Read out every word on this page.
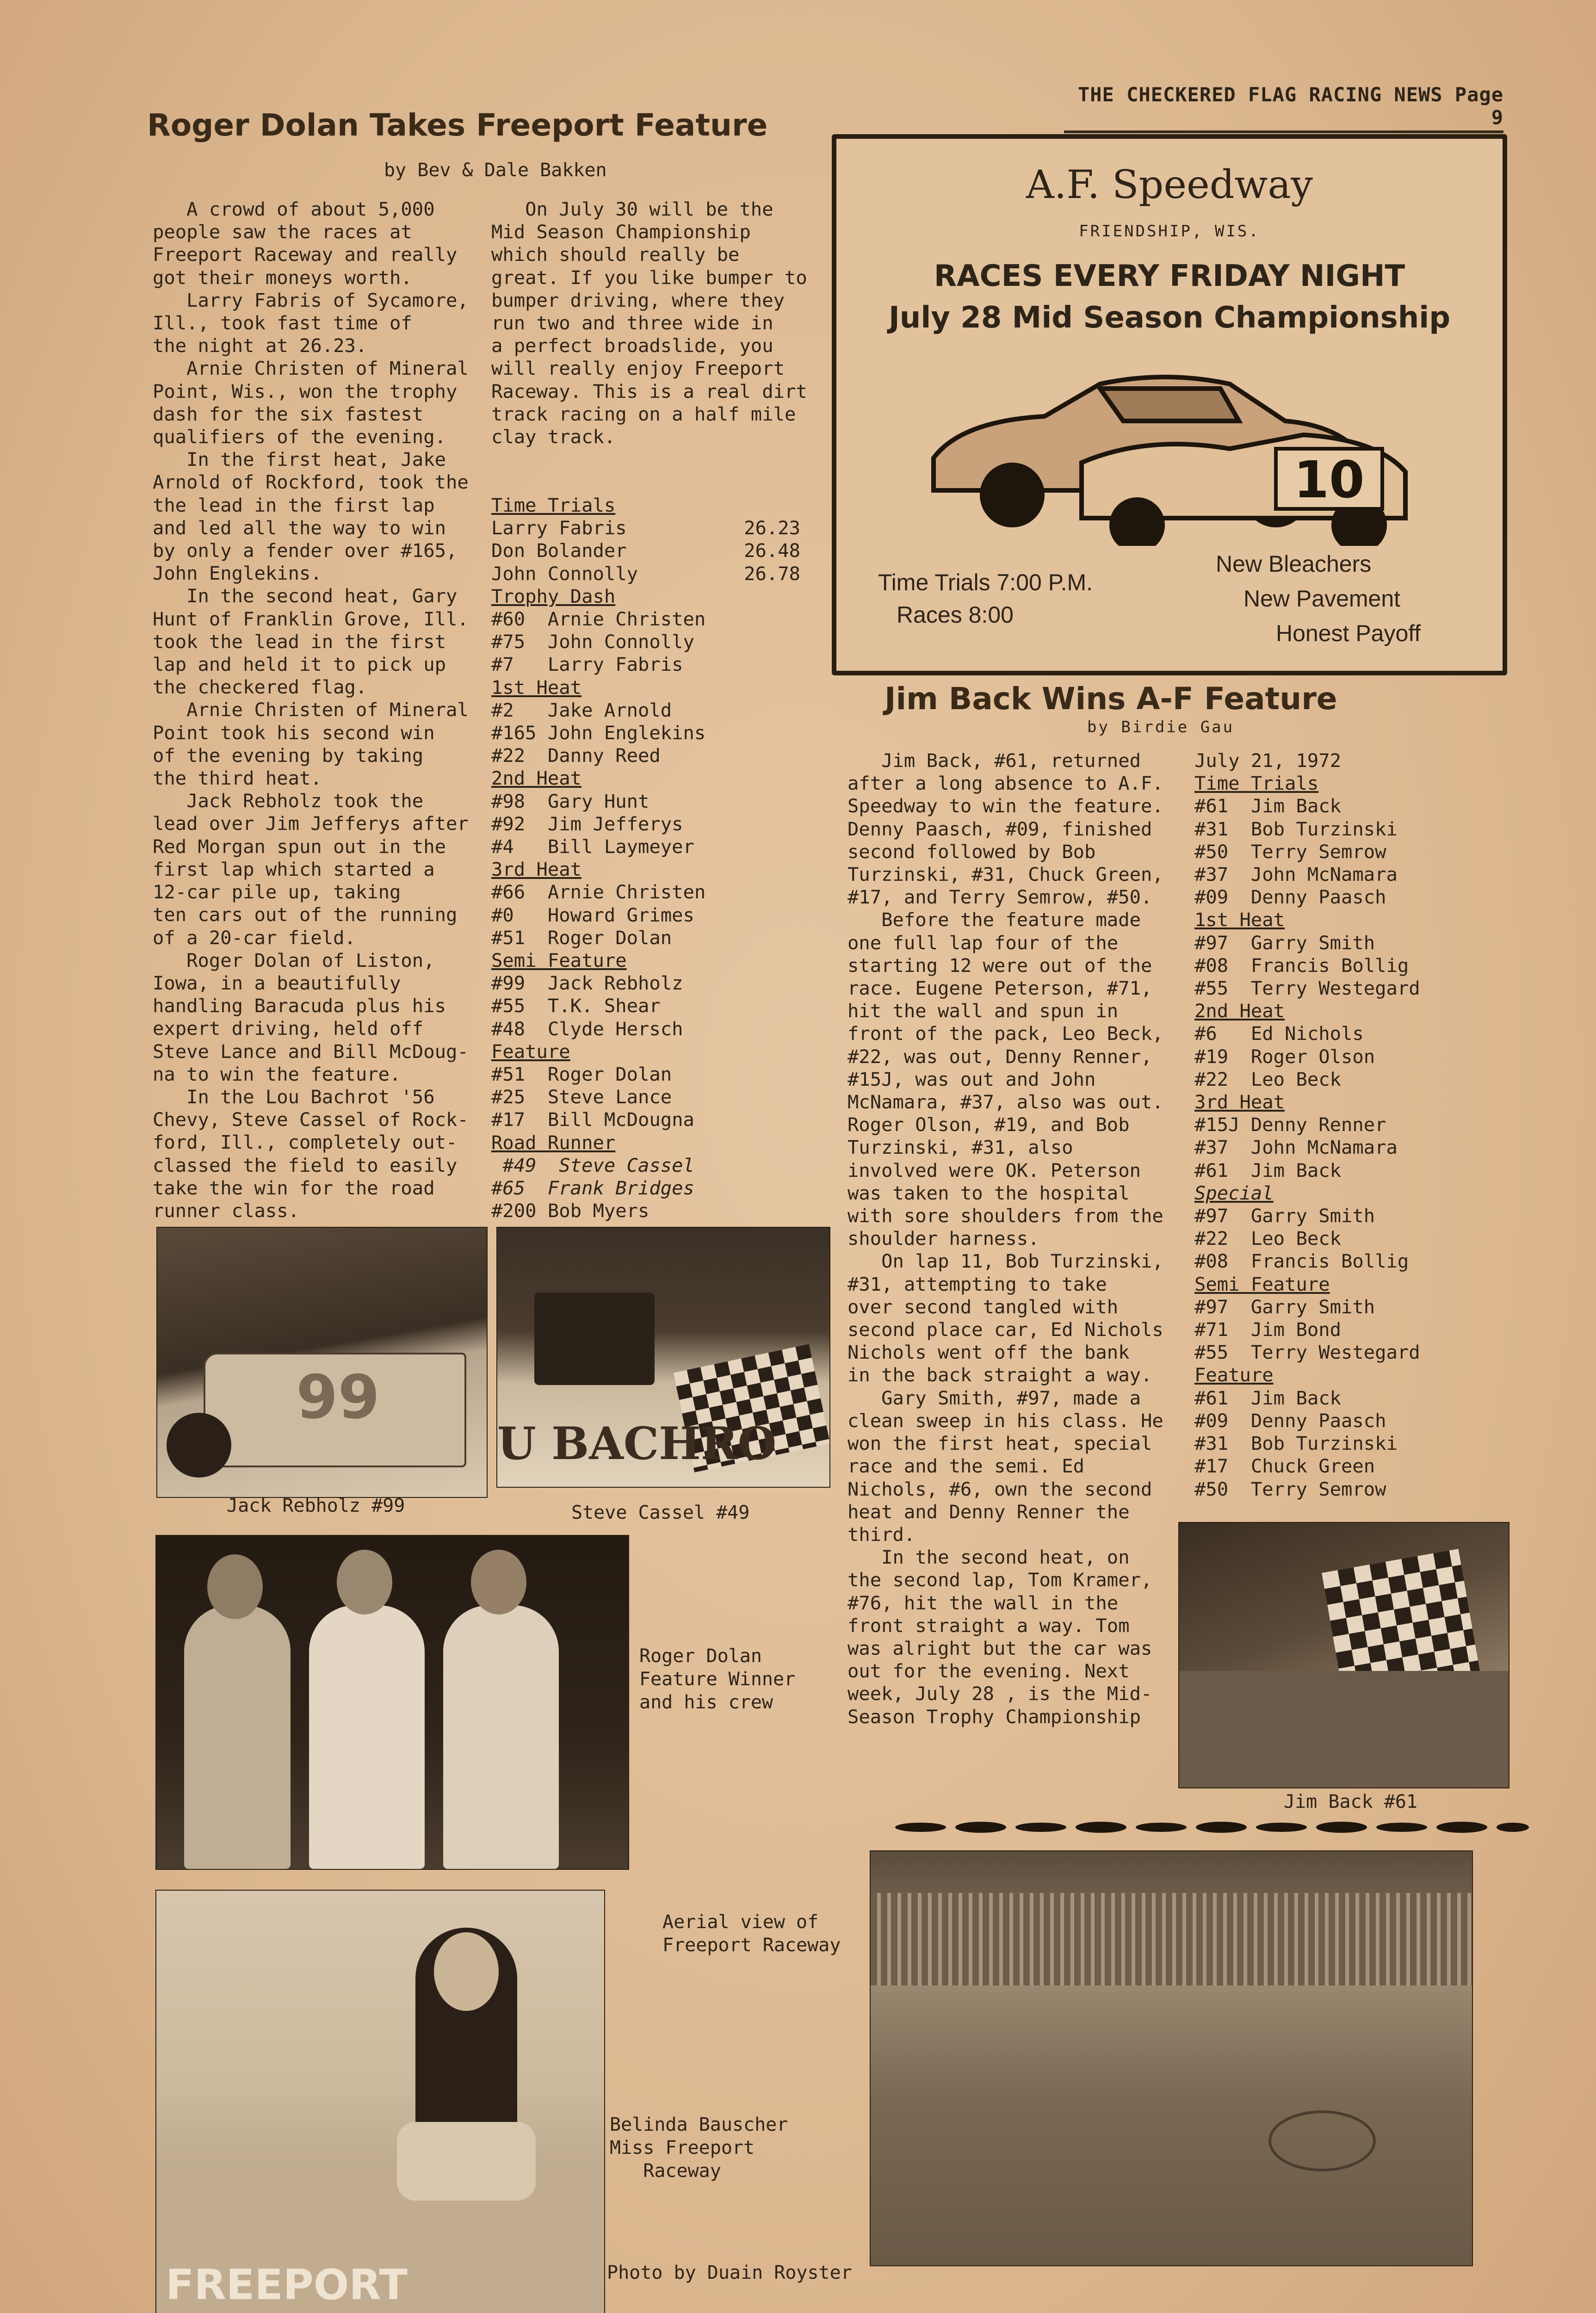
THE CHECKERED FLAG RACING NEWS Page 9
Roger Dolan Takes Freeport Feature
by Bev & Dale Bakken
A crowd of about 5,000
people saw the races at
Freeport Raceway and really
got their moneys worth.
Larry Fabris of Sycamore,
Ill., took fast time of
the night at 26.23.
Arnie Christen of Mineral
Point, Wis., won the trophy
dash for the six fastest
qualifiers of the evening.
In the first heat, Jake
Arnold of Rockford, took the
the lead in the first lap
and led all the way to win
by only a fender over #165,
John Englekins.
In the second heat, Gary
Hunt of Franklin Grove, Ill.
took the lead in the first
lap and held it to pick up
the checkered flag.
Arnie Christen of Mineral
Point took his second win
of the evening by taking
the third heat.
Jack Rebholz took the
lead over Jim Jefferys after
Red Morgan spun out in the
first lap which started a
12-car pile up, taking
ten cars out of the running
of a 20-car field.
Roger Dolan of Liston,
Iowa, in a beautifully
handling Baracuda plus his
expert driving, held off
Steve Lance and Bill McDoug-
na to win the feature.
In the Lou Bachrot '56
Chevy, Steve Cassel of Rock-
ford, Ill., completely out-
classed the field to easily
take the win for the road
runner class.
On July 30 will be the
Mid Season Championship
which should really be
great. If you like bumper to
bumper driving, where they
run two and three wide in
a perfect broadslide, you
will really enjoy Freeport
Raceway. This is a real dirt
track racing on a half mile
clay track.
Time Trials
Larry Fabris	26.23
Don Bolander	26.48
John Connolly	26.78
Trophy Dash
#60  Arnie Christen
#75  John Connolly
#7   Larry Fabris
1st Heat
#2   Jake Arnold
#165 John Englekins
#22  Danny Reed
2nd Heat
#98  Gary Hunt
#92  Jim Jefferys
#4   Bill Laymeyer
3rd Heat
#66  Arnie Christen
#0   Howard Grimes
#51  Roger Dolan
Semi Feature
#99  Jack Rebholz
#55  T.K. Shear
#48  Clyde Hersch
Feature
#51  Roger Dolan
#25  Steve Lance
#17  Bill McDougna
Road Runner
#49  Steve Cassel
#65  Frank Bridges
#200 Bob Myers
A.F. Speedway
FRIENDSHIP, WIS.
RACES EVERY FRIDAY NIGHT
July 28 Mid Season Championship
10
Time Trials 7:00 P.M.
Races 8:00
New Bleachers
New Pavement
Honest Payoff
Jim Back Wins A-F Feature
by Birdie Gau
Jim Back, #61, returned
after a long absence to A.F.
Speedway to win the feature.
Denny Paasch, #09, finished
second followed by Bob
Turzinski, #31, Chuck Green,
#17, and Terry Semrow, #50.
Before the feature made
one full lap four of the
starting 12 were out of the
race. Eugene Peterson, #71,
hit the wall and spun in
front of the pack, Leo Beck,
#22, was out, Denny Renner,
#15J, was out and John
McNamara, #37, also was out.
Roger Olson, #19, and Bob
Turzinski, #31, also
involved were OK. Peterson
was taken to the hospital
with sore shoulders from the
shoulder harness.
On lap 11, Bob Turzinski,
#31, attempting to take
over second tangled with
second place car, Ed Nichols
Nichols went off the bank
in the back straight a way.
Gary Smith, #97, made a
clean sweep in his class. He
won the first heat, special
race and the semi. Ed
Nichols, #6, own the second
heat and Denny Renner the
third.
In the second heat, on
the second lap, Tom Kramer,
#76, hit the wall in the
front straight a way. Tom
was alright but the car was
out for the evening. Next
week, July 28 , is the Mid-
Season Trophy Championship
July 21, 1972
Time Trials
#61  Jim Back
#31  Bob Turzinski
#50  Terry Semrow
#37  John McNamara
#09  Denny Paasch
1st Heat
#97  Garry Smith
#08  Francis Bollig
#55  Terry Westegard
2nd Heat
#6   Ed Nichols
#19  Roger Olson
#22  Leo Beck
3rd Heat
#15J Denny Renner
#37  John McNamara
#61  Jim Back
Special
#97  Garry Smith
#22  Leo Beck
#08  Francis Bollig
Semi Feature
#97  Garry Smith
#71  Jim Bond
#55  Terry Westegard
Feature
#61  Jim Back
#09  Denny Paasch
#31  Bob Turzinski
#17  Chuck Green
#50  Terry Semrow
99
Jack Rebholz #99
U BACHRO
Steve Cassel #49
Roger Dolan
Feature Winner
and his crew
Jim Back #61
FREEPORT
Aerial view of
Freeport Raceway
Belinda Bauscher
Miss Freeport
Raceway
Photo by Duain Royster
